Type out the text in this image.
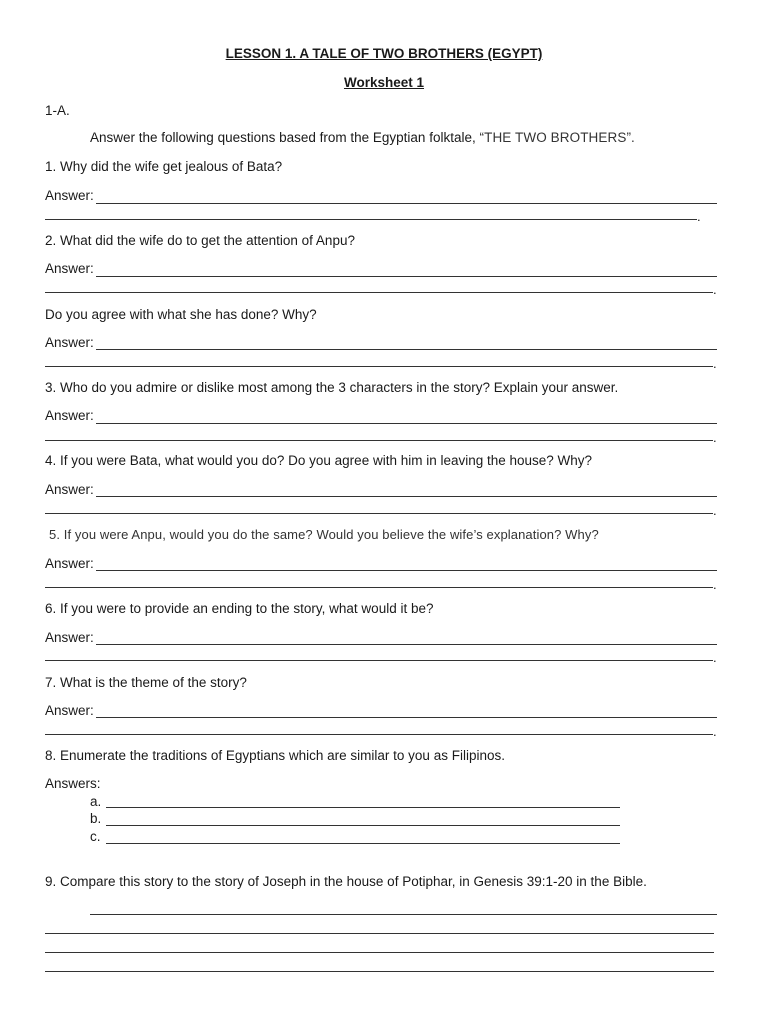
LESSON 1. A TALE OF TWO BROTHERS (EGYPT)
Worksheet 1
1-A.
Answer the following questions based from the Egyptian folktale, “THE TWO BROTHERS”.
1. Why did the wife get jealous of Bata?
Answer:
.
2. What did the wife do to get the attention of Anpu?
Answer:
.
Do you agree with what she has done? Why?
Answer:
.
3. Who do you admire or dislike most among the 3 characters in the story? Explain your answer.
Answer:
.
4. If you were Bata, what would you do? Do you agree with him in leaving the house? Why?
Answer:
.
5. If you were Anpu, would you do the same? Would you believe the wife’s explanation? Why?
Answer:
.
6. If you were to provide an ending to the story, what would it be?
Answer:
.
7. What is the theme of the story?
Answer:
.
8. Enumerate the traditions of Egyptians which are similar to you as Filipinos.
Answers:
a.
b.
c.
9. Compare this story to the story of Joseph in the house of Potiphar, in Genesis 39:1-20 in the Bible.
